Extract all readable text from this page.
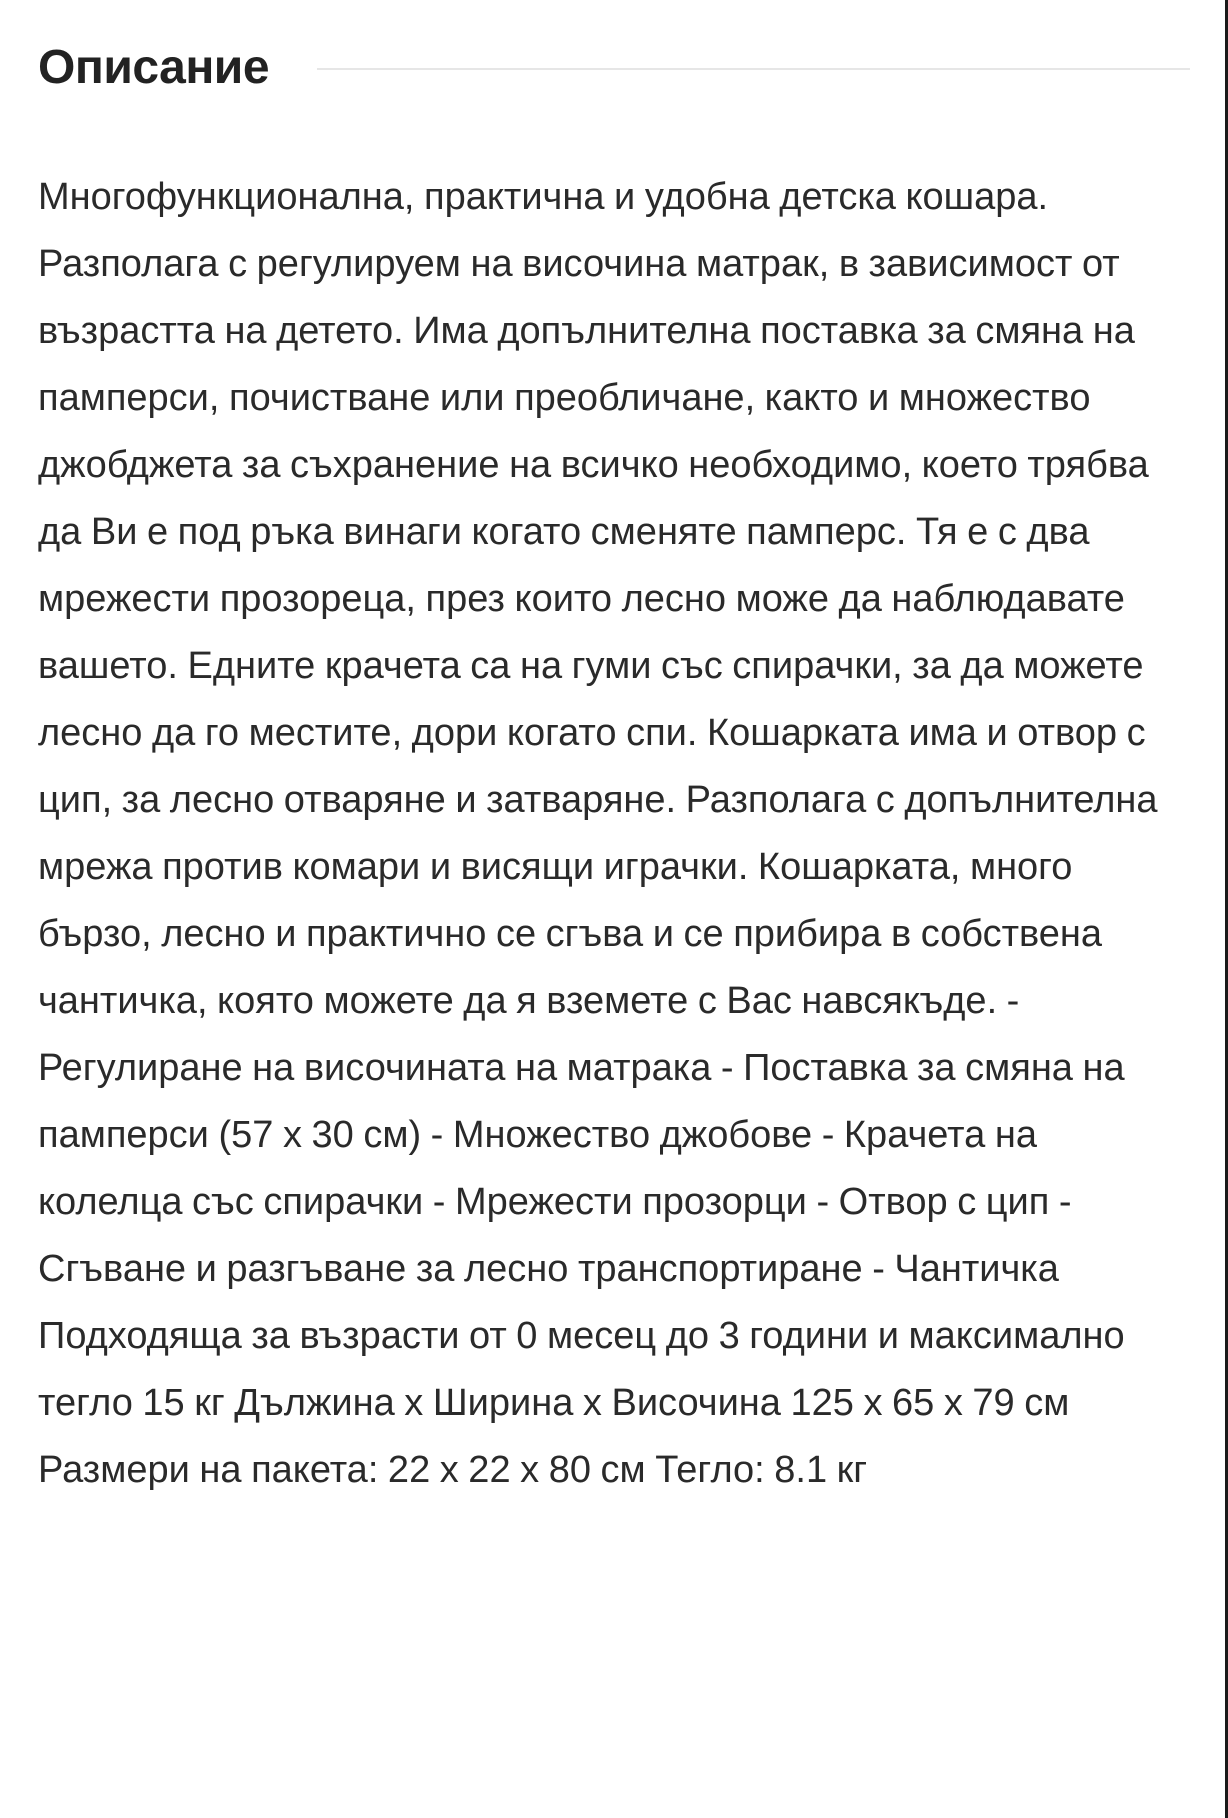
Описание

Многофункционална, практична и удобна детска кошара. Разполага с регулируем на височина матрак, в зависимост от възрастта на детето. Има допълнителна поставка за смяна на памперси, почистване или преобличане, както и множество джобджета за съхранение на всичко необходимо, което трябва да Ви е под ръка винаги когато сменяте памперс. Тя е с два мрежести прозореца, през които лесно може да наблюдавате вашето. Едните крачета са на гуми със спирачки, за да можете лесно да го местите, дори когато спи. Кошарката има и отвор с цип, за лесно отваряне и затваряне. Разполага с допълнителна мрежа против комари и висящи играчки. Кошарката, много бързо, лесно и практично се сгъва и се прибира в собствена чантичка, която можете да я вземете с Вас навсякъде. - Регулиране на височината на матрака - Поставка за смяна на памперси (57 x 30 см) - Множество джобове - Крачета на колелца със спирачки - Мрежести прозорци - Отвор с цип - Сгъване и разгъване за лесно транспортиране - Чантичка Подходяща за възрасти от 0 месец до 3 години и максимално тегло 15 кг Дължина x Ширина x Височина 125 x 65 x 79 см Размери на пакета: 22 x 22 x 80 см Тегло: 8.1 кг
